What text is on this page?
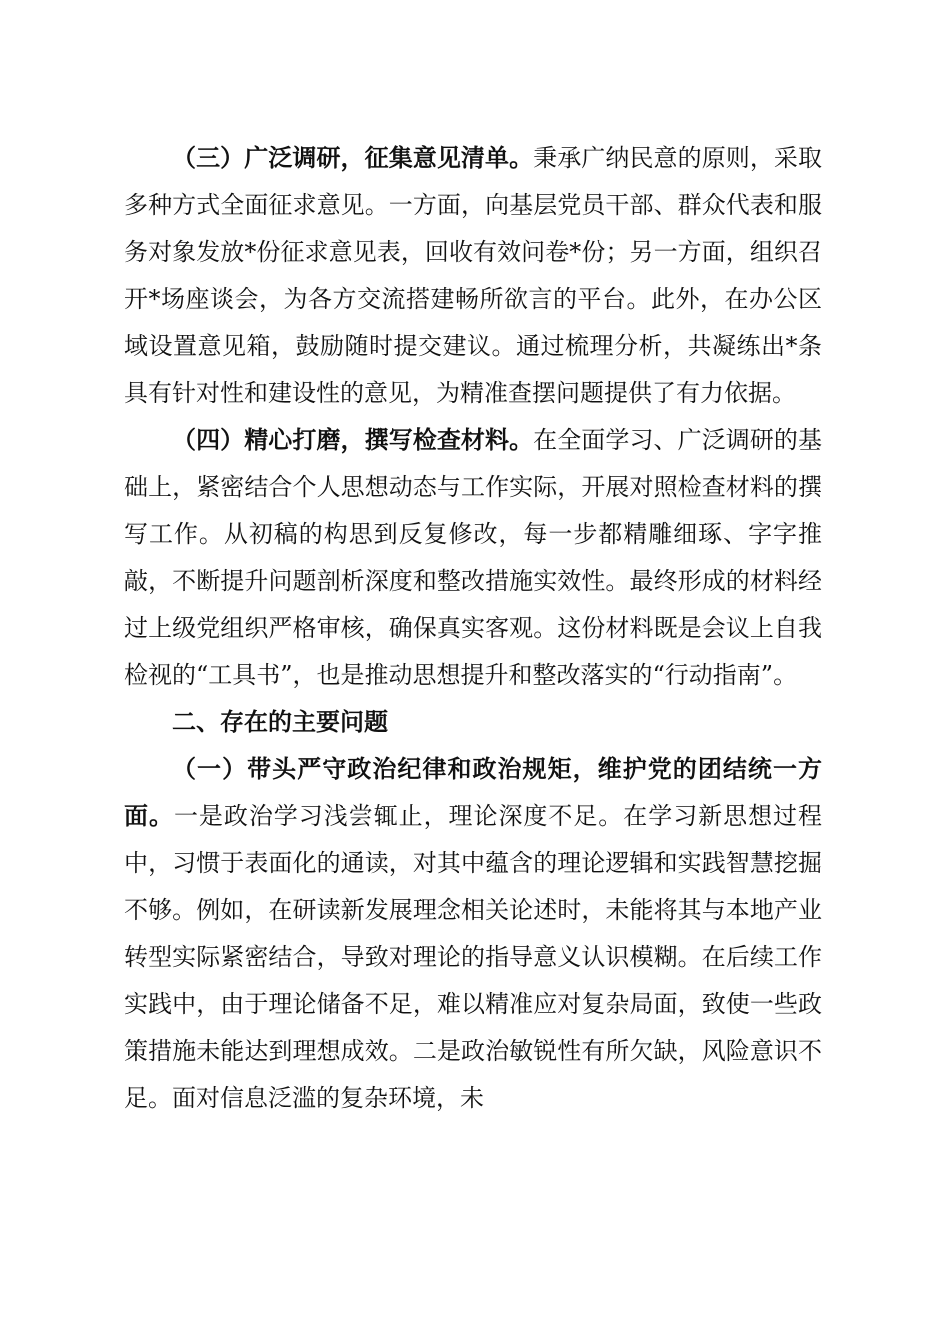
（三）广泛调研，征集意见清单。秉承广纳民意的原则，采取多种方式全面征求意见。一方面，向基层党员干部、群众代表和服务对象发放*份征求意见表，回收有效问卷*份；另一方面，组织召开*场座谈会，为各方交流搭建畅所欲言的平台。此外，在办公区域设置意见箱，鼓励随时提交建议。通过梳理分析，共凝练出*条具有针对性和建设性的意见，为精准查摆问题提供了有力依据。

（四）精心打磨，撰写检查材料。在全面学习、广泛调研的基础上，紧密结合个人思想动态与工作实际，开展对照检查材料的撰写工作。从初稿的构思到反复修改，每一步都精雕细琢、字字推敲，不断提升问题剖析深度和整改措施实效性。最终形成的材料经过上级党组织严格审核，确保真实客观。这份材料既是会议上自我检视的“工具书”，也是推动思想提升和整改落实的“行动指南”。

二、存在的主要问题

（一）带头严守政治纪律和政治规矩，维护党的团结统一方面。一是政治学习浅尝辄止，理论深度不足。在学习新思想过程中，习惯于表面化的通读，对其中蕴含的理论逻辑和实践智慧挖掘不够。例如，在研读新发展理念相关论述时，未能将其与本地产业转型实际紧密结合，导致对理论的指导意义认识模糊。在后续工作实践中，由于理论储备不足，难以精准应对复杂局面，致使一些政策措施未能达到理想成效。二是政治敏锐性有所欠缺，风险意识不足。面对信息泛滥的复杂环境，未
